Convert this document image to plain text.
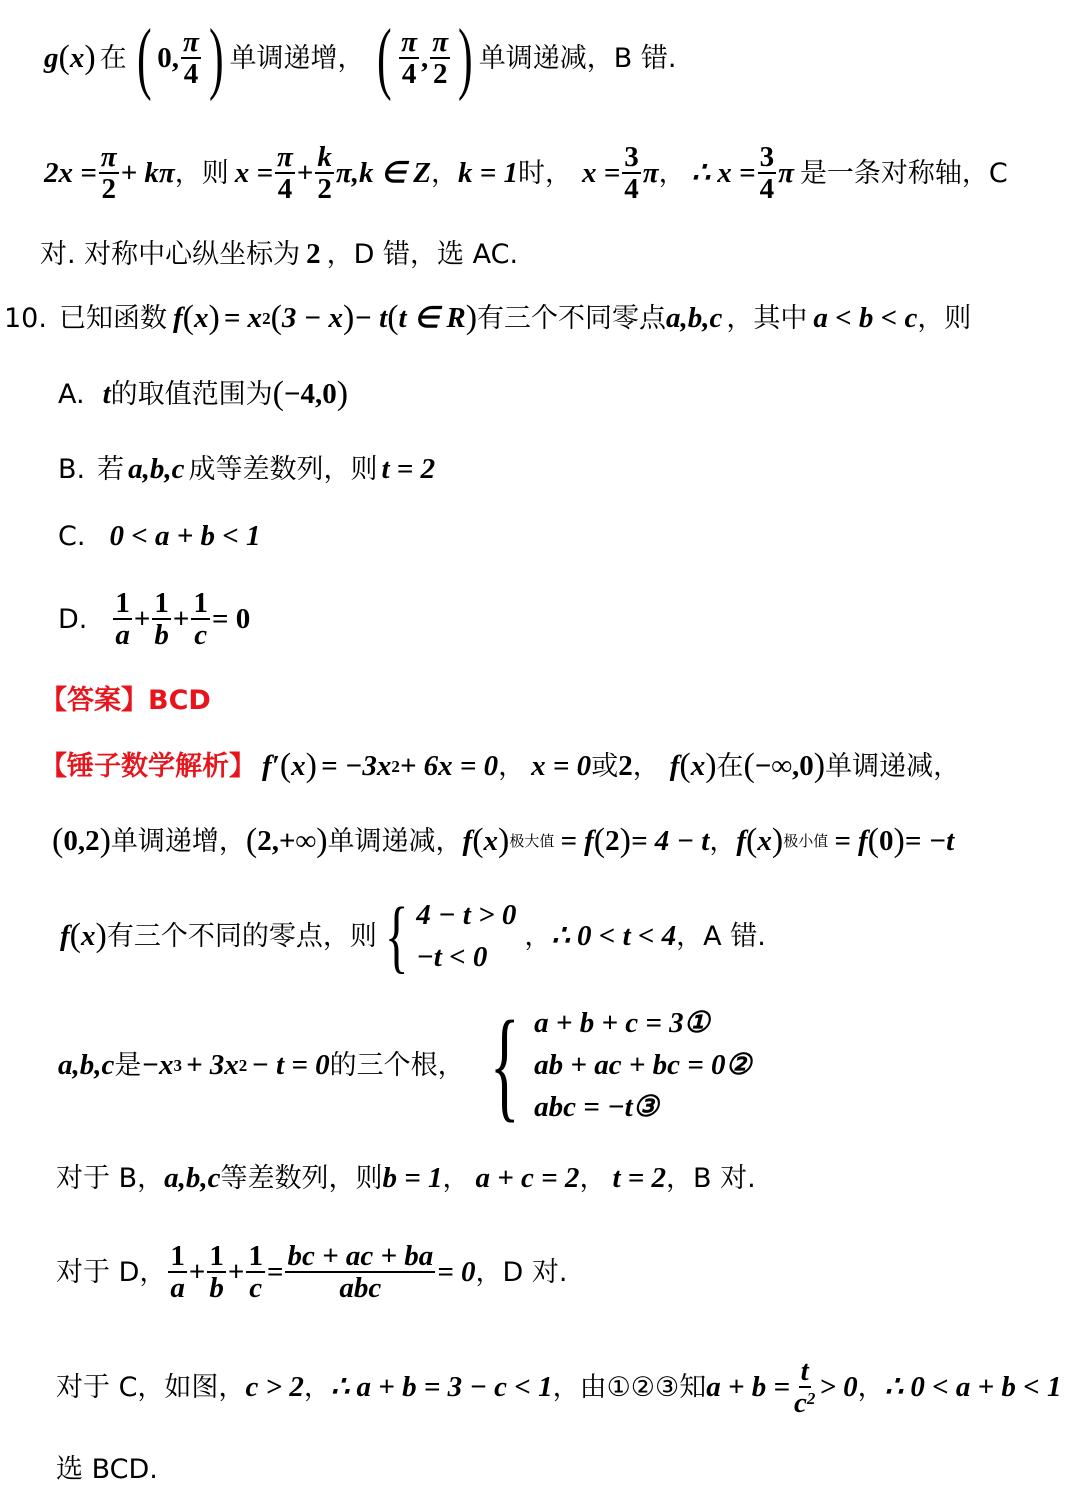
g ( x ) 在 ( 0, $\frac{\pi}{4}$ ) 单调递增， ( $\frac{\pi}{4}$ , $\frac{\pi}{2}$ ) 单调递减，B 错.
$2x = \frac{\pi}{2} + k\pi$ ，则 $x = \frac{\pi}{4} + \frac{k}{2} \pi,k$ ∈ Z ， k = 1 时， $x = \frac{3}{4}$ π ， ∴ $x = \frac{3}{4}$ π 是一条对称轴，C
对. 对称中心纵坐标为 2 ，D 错，选 AC.
10. 已知函数 f ( x ) = x 2 ( 3 − x ) − t ( t ∈ R ) 有三个不同零点 a,b,c ，其中 a < b < c ，则
A. t 的取值范围为 ( −4,0 )
B. 若 a,b,c 成等差数列，则 t = 2
C. 0 < a + b < 1
D. $\frac{1}{a} + \frac{1}{b} + \frac{1}{c} = 0$
【答案】BCD
【锤子数学解析】 f′ ( x ) = −3x 2 + 6x = 0 ， x = 0 或 2 ， f ( x ) 在 ( −∞,0 ) 单调递减，
( 0,2 ) 单调递增， ( 2,+∞ ) 单调递减， f ( x ) 极大值 = f ( 2 ) = 4 − t ， f ( x ) 极小值 = f ( 0 ) = −t
f ( x ) 有三个不同的零点，则 { 4 − t > 0
−t < 0
， ∴ 0 < t < 4 ，A 错.
a,b,c 是 −x 3 + 3x 2 − t = 0 的三个根， { a + b + c = 3①
ab + ac + bc = 0②
abc = −t③
对于 B， a,b,c 等差数列，则 b = 1 ， a + c = 2 ， t = 2 ，B 对.
对于 D， $\frac{1}{a} + \frac{1}{b} + \frac{1}{c} = \frac{bc + ac + ba}{\text{abc}} = 0$ ，D 对.
对于 C，如图， c > 2 ， ∴ a + b = 3 − c < 1 ，由①②③知 $a + b = \frac{t}{c^2} > 0$ ， ∴ 0 < a + b < 1
选 BCD.
